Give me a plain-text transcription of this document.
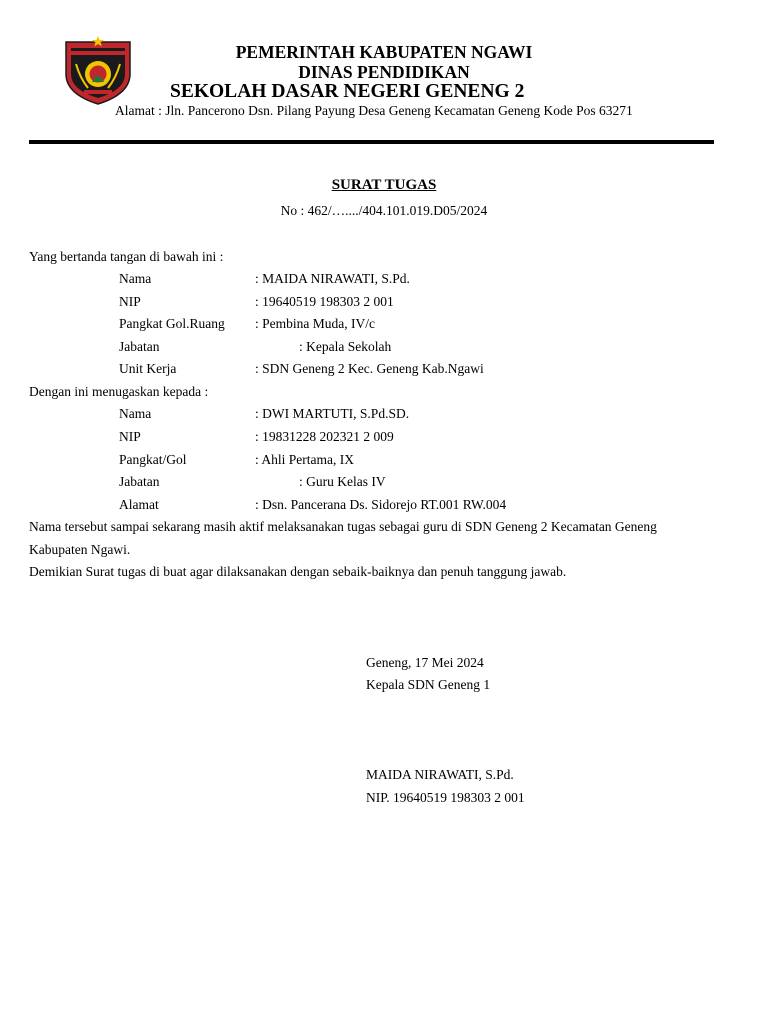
PEMERINTAH KABUPATEN NGAWI
DINAS PENDIDIKAN
SEKOLAH DASAR NEGERI GENENG 2
Alamat : Jln. Pancerono Dsn. Pilang Payung Desa Geneng Kecamatan Geneng Kode Pos 63271
SURAT TUGAS
No : 462/…..../404.101.019.D05/2024
Yang bertanda tangan di bawah ini :
Nama	: MAIDA NIRAWATI, S.Pd.
NIP	: 19640519 198303 2 001
Pangkat Gol.Ruang : Pembina Muda, IV/c
Jabatan	: Kepala Sekolah
Unit Kerja	: SDN Geneng 2 Kec. Geneng Kab.Ngawi
Dengan ini menugaskan kepada :
Nama	: DWI MARTUTI, S.Pd.SD.
NIP	: 19831228 202321 2 009
Pangkat/Gol	: Ahli Pertama, IX
Jabatan	: Guru Kelas IV
Alamat	: Dsn. Pancerana Ds. Sidorejo RT.001 RW.004
Nama tersebut sampai sekarang masih aktif melaksanakan tugas sebagai guru di SDN Geneng 2 Kecamatan Geneng
Kabupaten Ngawi.
Demikian Surat tugas di buat agar dilaksanakan dengan sebaik-baiknya dan penuh tanggung jawab.
Geneng, 17 Mei 2024
Kepala SDN Geneng 1
MAIDA NIRAWATI, S.Pd.
NIP. 19640519 198303 2 001
